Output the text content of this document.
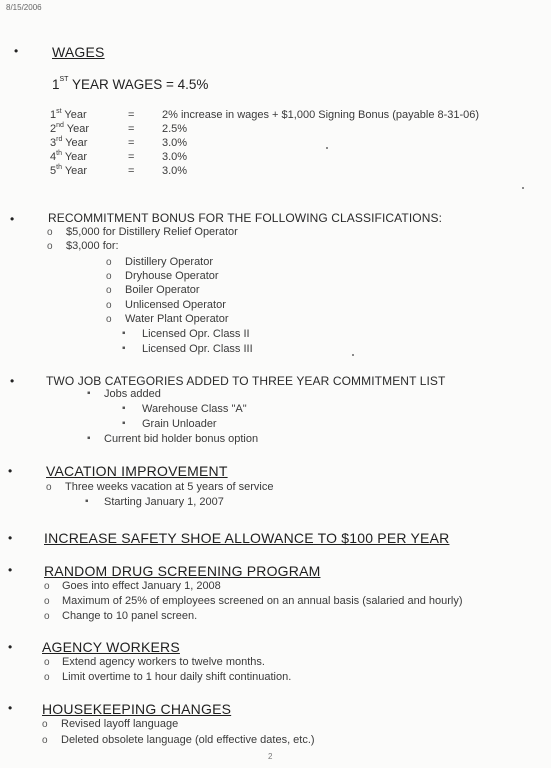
8/15/2006
• WAGES
1ST YEAR WAGES = 4.5%
1st Year	=	2% increase in wages + $1,000 Signing Bonus (payable 8-31-06)
2nd Year	=	2.5%
3rd Year	=	3.0%
4th Year	=	3.0%
5th Year	=	3.0%
•	RECOMMITMENT BONUS FOR THE FOLLOWING CLASSIFICATIONS:
o $5,000 for Distillery Relief Operator
o $3,000 for:
o Distillery Operator
o Dryhouse Operator
o Boiler Operator
o Unlicensed Operator
o Water Plant Operator
▪ Licensed Opr. Class II
▪ Licensed Opr. Class III
•	TWO JOB CATEGORIES ADDED TO THREE YEAR COMMITMENT LIST
▪ Jobs added
▪ Warehouse Class "A"
▪ Grain Unloader
▪ Current bid holder bonus option
• VACATION IMPROVEMENT
o Three weeks vacation at 5 years of service
▪ Starting January 1, 2007
• INCREASE SAFETY SHOE ALLOWANCE TO $100 PER YEAR
• RANDOM DRUG SCREENING PROGRAM
o Goes into effect January 1, 2008
o Maximum of 25% of employees screened on an annual basis (salaried and hourly)
o Change to 10 panel screen.
• AGENCY WORKERS
o Extend agency workers to twelve months.
o Limit overtime to 1 hour daily shift continuation.
• HOUSEKEEPING CHANGES
o Revised layoff language
o Deleted obsolete language (old effective dates, etc.)
2
